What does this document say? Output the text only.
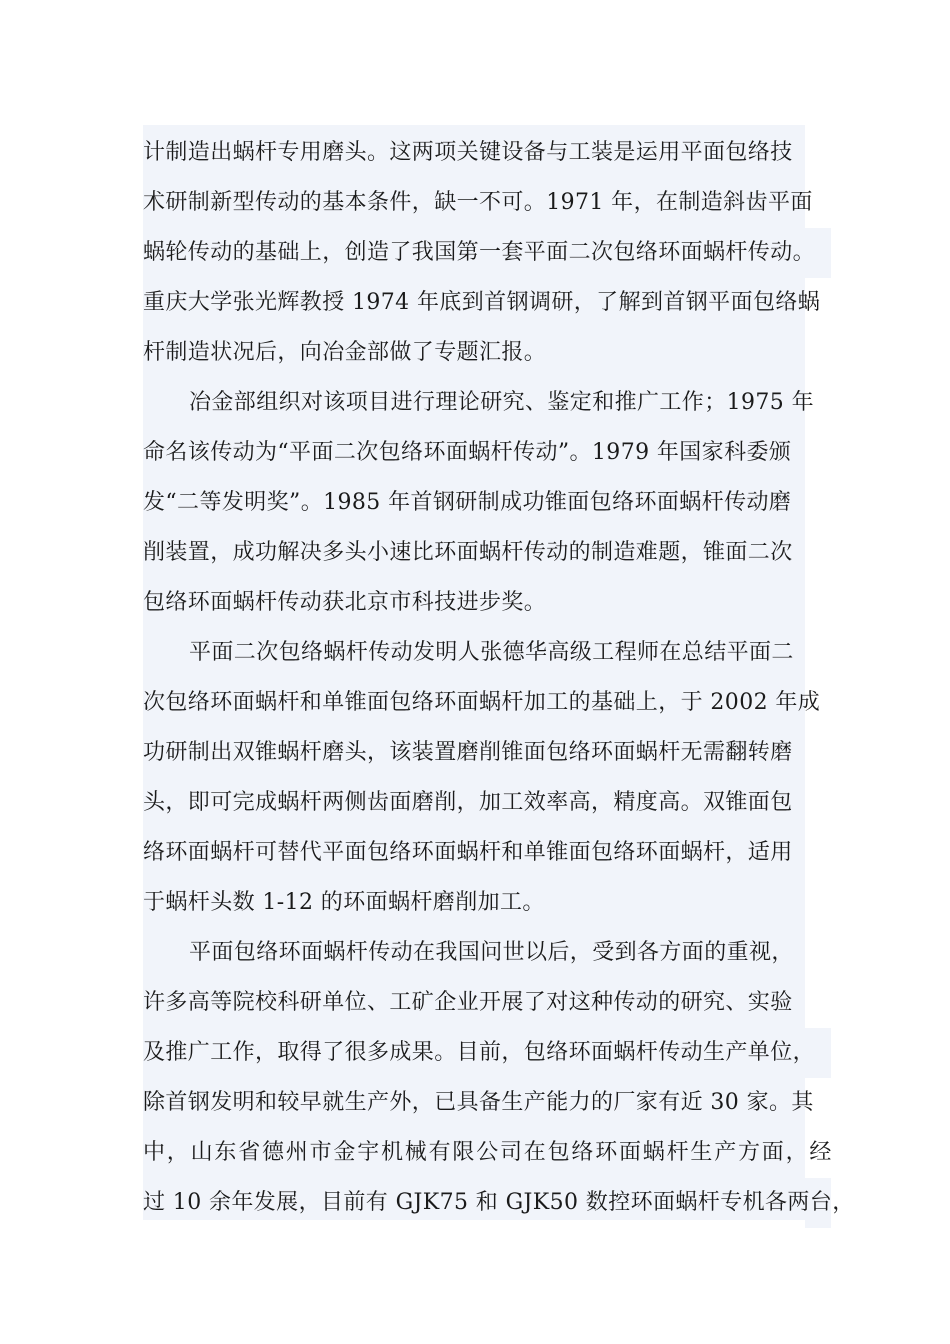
计制造出蜗杆专用磨头。这两项关键设备与工装是运用平面包络技
术研制新型传动的基本条件，缺一不可。1971 年，在制造斜齿平面
蜗轮传动的基础上，创造了我国第一套平面二次包络环面蜗杆传动。
重庆大学张光辉教授 1974 年底到首钢调研，了解到首钢平面包络蜗
杆制造状况后，向冶金部做了专题汇报。
冶金部组织对该项目进行理论研究、鉴定和推广工作；1975 年
命名该传动为“平面二次包络环面蜗杆传动”。1979 年国家科委颁
发“二等发明奖”。1985 年首钢研制成功锥面包络环面蜗杆传动磨
削装置，成功解决多头小速比环面蜗杆传动的制造难题，锥面二次
包络环面蜗杆传动获北京市科技进步奖。
平面二次包络蜗杆传动发明人张德华高级工程师在总结平面二
次包络环面蜗杆和单锥面包络环面蜗杆加工的基础上，于 2002 年成
功研制出双锥蜗杆磨头，该装置磨削锥面包络环面蜗杆无需翻转磨
头，即可完成蜗杆两侧齿面磨削，加工效率高，精度高。双锥面包
络环面蜗杆可替代平面包络环面蜗杆和单锥面包络环面蜗杆，适用
于蜗杆头数 1-12 的环面蜗杆磨削加工。
平面包络环面蜗杆传动在我国问世以后，受到各方面的重视，
许多高等院校科研单位、工矿企业开展了对这种传动的研究、实验
及推广工作，取得了很多成果。目前，包络环面蜗杆传动生产单位，
除首钢发明和较早就生产外，已具备生产能力的厂家有近 30 家。其
中，山东省德州市金宇机械有限公司在包络环面蜗杆生产方面，经
过 10 余年发展，目前有 GJK75 和 GJK50 数控环面蜗杆专机各两台，
